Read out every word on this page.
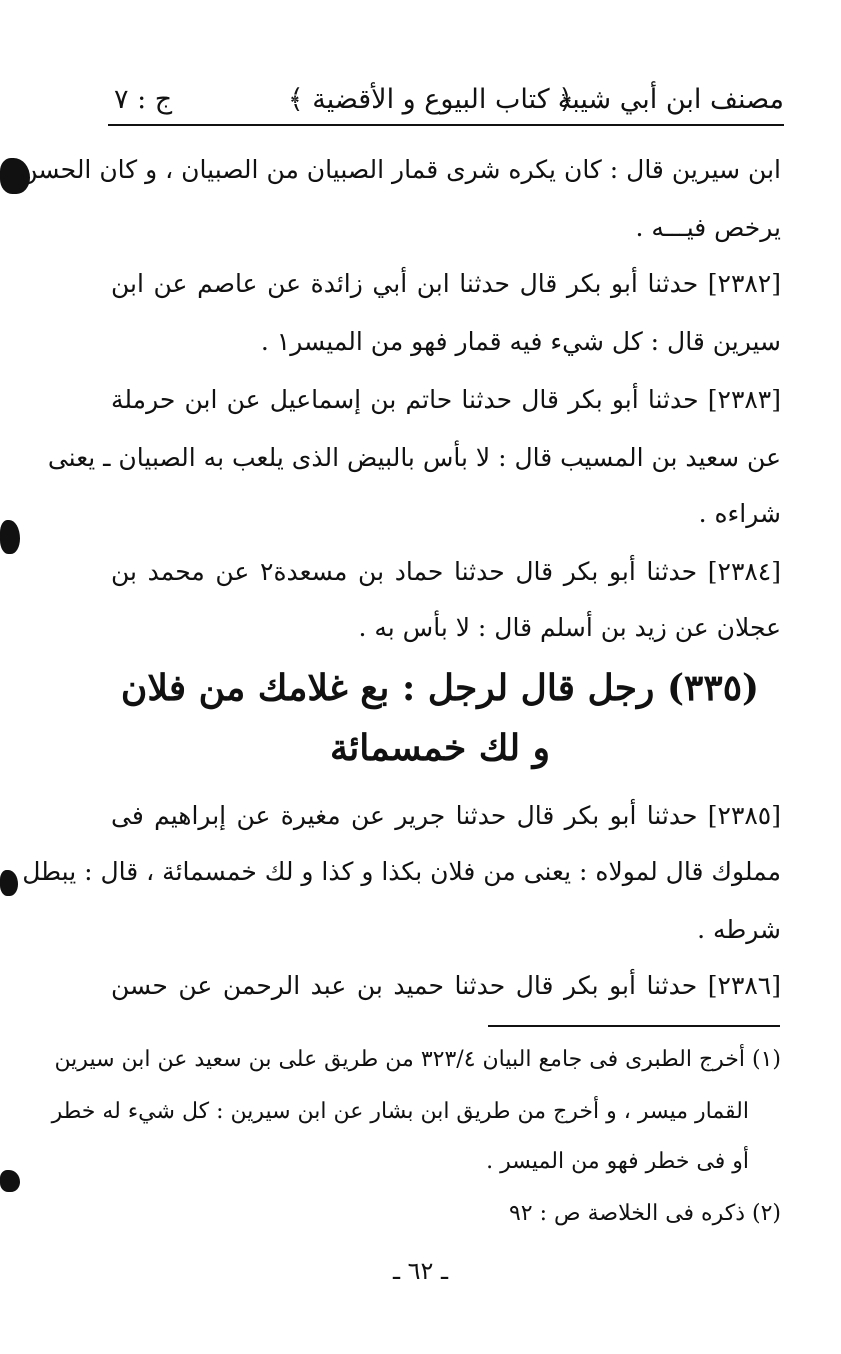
مصنف ابن أبي شيبة
﴿ كتاب البيوع و الأقضية ﴾
ج : ٧
ابن سيرين قال : كان يكره شرى قمار الصبيان من الصبيان ، و كان الحسن
يرخص فيـــه .
[٢٣٨٢] حدثنا أبو بكر قال حدثنا ابن أبي زائدة عن عاصم عن ابن
سيرين قال : كل شيء فيه قمار فهو من الميسر١ .
[٢٣٨٣] حدثنا أبو بكر قال حدثنا حاتم بن إسماعيل عن ابن حرملة
عن سعيد بن المسيب قال : لا بأس بالبيض الذى يلعب به الصبيان ـ يعنى
شراءه .
[٢٣٨٤] حدثنا أبو بكر قال حدثنا حماد بن مسعدة٢ عن محمد بن
عجلان عن زيد بن أسلم قال : لا بأس به .
(٣٣٥) رجل قال لرجل : بع غلامك من فلان
و لك خمسمائة
[٢٣٨٥] حدثنا أبو بكر قال حدثنا جرير عن مغيرة عن إبراهيم فى
مملوك قال لمولاه : يعنى من فلان بكذا و كذا و لك خمسمائة ، قال : يبطل
شرطه .
[٢٣٨٦] حدثنا أبو بكر قال حدثنا حميد بن عبد الرحمن عن حسن
(١) أخرج الطبرى فى جامع البيان ٣٢٣/٤ من طريق على بن سعيد عن ابن سيرين
القمار ميسر ، و أخرج من طريق ابن بشار عن ابن سيرين : كل شيء له خطر
أو فى خطر فهو من الميسر .
(٢) ذكره فى الخلاصة ص : ٩٢
ـ ٦٢ ـ
